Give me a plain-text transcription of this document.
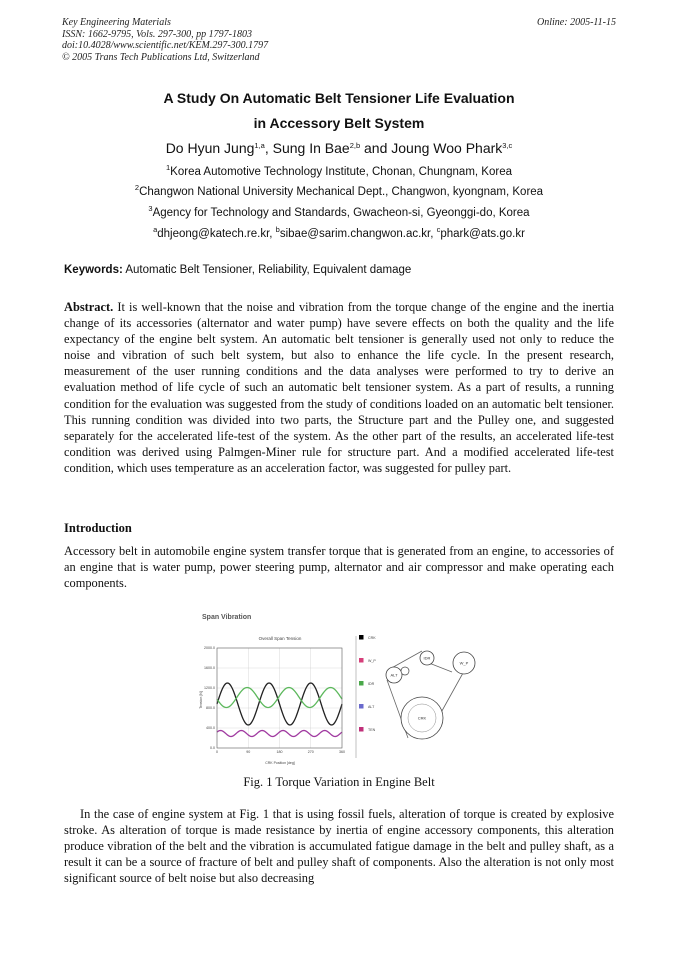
Key Engineering Materials
ISSN: 1662-9795, Vols. 297-300, pp 1797-1803
doi:10.4028/www.scientific.net/KEM.297-300.1797
© 2005 Trans Tech Publications Ltd, Switzerland
Online: 2005-11-15
A Study On Automatic Belt Tensioner Life Evaluation
in Accessory Belt System
Do Hyun Jung$^{1,a}$, Sung In Bae$^{2,b}$ and Joung Woo Phark$^{3,c}$
$^1$Korea Automotive Technology Institute, Chonan, Chungnam, Korea
$^2$Changwon National University Mechanical Dept., Changwon, kyongnam, Korea
$^3$Agency for Technology and Standards, Gwacheon-si, Gyeonggi-do, Korea
$^a$dhjeong@katech.re.kr, $^b$sibae@sarim.changwon.ac.kr, $^c$phark@ats.go.kr
Keywords: Automatic Belt Tensioner, Reliability, Equivalent damage
Abstract. It is well-known that the noise and vibration from the torque change of the engine and the inertia change of its accessories (alternator and water pump) have severe effects on both the quality and the life expectancy of the engine belt system. An automatic belt tensioner is generally used not only to reduce the noise and vibration of such belt system, but also to enhance the life cycle. In the present research, measurement of the user running conditions and the data analyses were performed to try to derive an evaluation method of life cycle of such an automatic belt tensioner system. As a part of results, a running condition for the evaluation was suggested from the study of conditions loaded on an automatic belt tensioner. This running condition was divided into two parts, the Structure part and the Pulley one, and suggested separately for the accelerated life-test of the system. As the other part of the results, an accelerated life-test condition was derived using Palmgen-Miner rule for structure part. And a modified accelerated life-test condition, which uses temperature as an acceleration factor, was suggested for pulley part.
Introduction
Accessory belt in automobile engine system transfer torque that is generated from an engine, to accessories of an engine that is water pump, power steering pump, alternator and air compressor and make operating each components.
Span Vibration
Overall Span Tension
0.0
400.0
800.0
1200.0
1600.0
2000.0
0	90	180	270	360
CRK Position [deg]
Tension [N]
CRK
W_P
IDR
ALT
TEN
IDR
W_P
ALT
CRK
Fig. 1 Torque Variation in Engine Belt
In the case of engine system at Fig. 1 that is using fossil fuels, alteration of torque is created by explosive stroke. As alteration of torque is made resistance by inertia of engine accessory components, this alteration produce vibration of the belt and the vibration is accumulated fatigue damage in the belt and pulley shaft, as a result it can be a source of fracture of belt and pulley shaft of components. Also the alteration is not only most significant source of belt noise but also decreasing
